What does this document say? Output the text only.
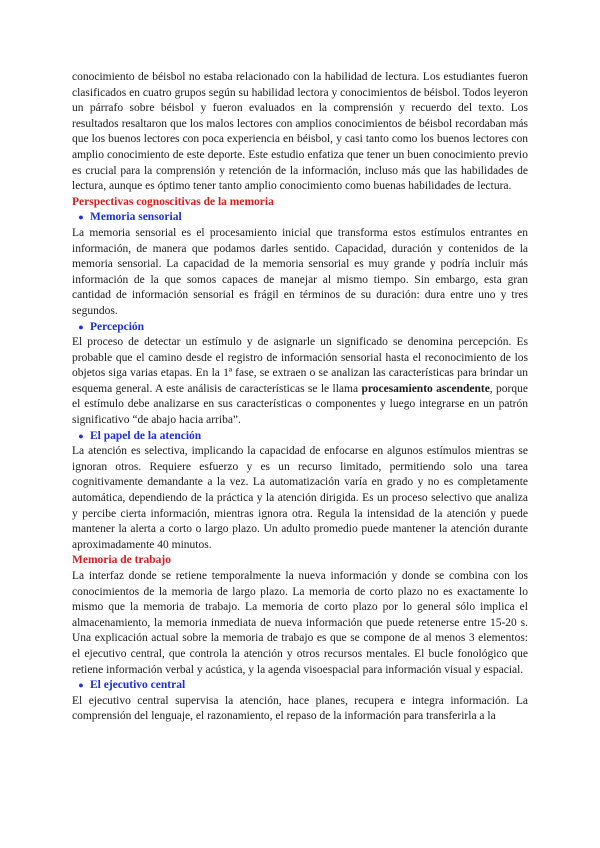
conocimiento de béisbol no estaba relacionado con la habilidad de lectura. Los estudiantes fueron clasificados en cuatro grupos según su habilidad lectora y conocimientos de béisbol. Todos leyeron un párrafo sobre béisbol y fueron evaluados en la comprensión y recuerdo del texto. Los resultados resaltaron que los malos lectores con amplios conocimientos de béisbol recordaban más que los buenos lectores con poca experiencia en béisbol, y casi tanto como los buenos lectores con amplio conocimiento de este deporte. Este estudio enfatiza que tener un buen conocimiento previo es crucial para la comprensión y retención de la información, incluso más que las habilidades de lectura, aunque es óptimo tener tanto amplio conocimiento como buenas habilidades de lectura.

Perspectivas cognoscitivas de la memoria
● Memoria sensorial

La memoria sensorial es el procesamiento inicial que transforma estos estímulos entrantes en información, de manera que podamos darles sentido. Capacidad, duración y contenidos de la memoria sensorial. La capacidad de la memoria sensorial es muy grande y podría incluir más información de la que somos capaces de manejar al mismo tiempo. Sin embargo, esta gran cantidad de información sensorial es frágil en términos de su duración: dura entre uno y tres segundos.

● Percepción

El proceso de detectar un estímulo y de asignarle un significado se denomina percepción. Es probable que el camino desde el registro de información sensorial hasta el reconocimiento de los objetos siga varias etapas. En la 1ª fase, se extraen o se analizan las características para brindar un esquema general. A este análisis de características se le llama procesamiento ascendente, porque el estímulo debe analizarse en sus características o componentes y luego integrarse en un patrón significativo “de abajo hacia arriba”.

● El papel de la atención

La atención es selectiva, implicando la capacidad de enfocarse en algunos estímulos mientras se ignoran otros. Requiere esfuerzo y es un recurso limitado, permitiendo solo una tarea cognitivamente demandante a la vez. La automatización varía en grado y no es completamente automática, dependiendo de la práctica y la atención dirigida. Es un proceso selectivo que analiza y percibe cierta información, mientras ignora otra. Regula la intensidad de la atención y puede mantener la alerta a corto o largo plazo. Un adulto promedio puede mantener la atención durante aproximadamente 40 minutos.

Memoria de trabajo

La interfaz donde se retiene temporalmente la nueva información y donde se combina con los conocimientos de la memoria de largo plazo. La memoria de corto plazo no es exactamente lo mismo que la memoria de trabajo. La memoria de corto plazo por lo general sólo implica el almacenamiento, la memoria inmediata de nueva información que puede retenerse entre 15-20 s. Una explicación actual sobre la memoria de trabajo es que se compone de al menos 3 elementos: el ejecutivo central, que controla la atención y otros recursos mentales. El bucle fonológico que retiene información verbal y acústica, y la agenda visoespacial para información visual y espacial.

● El ejecutivo central

El ejecutivo central supervisa la atención, hace planes, recupera e integra información. La comprensión del lenguaje, el razonamiento, el repaso de la información para transferirla a la
